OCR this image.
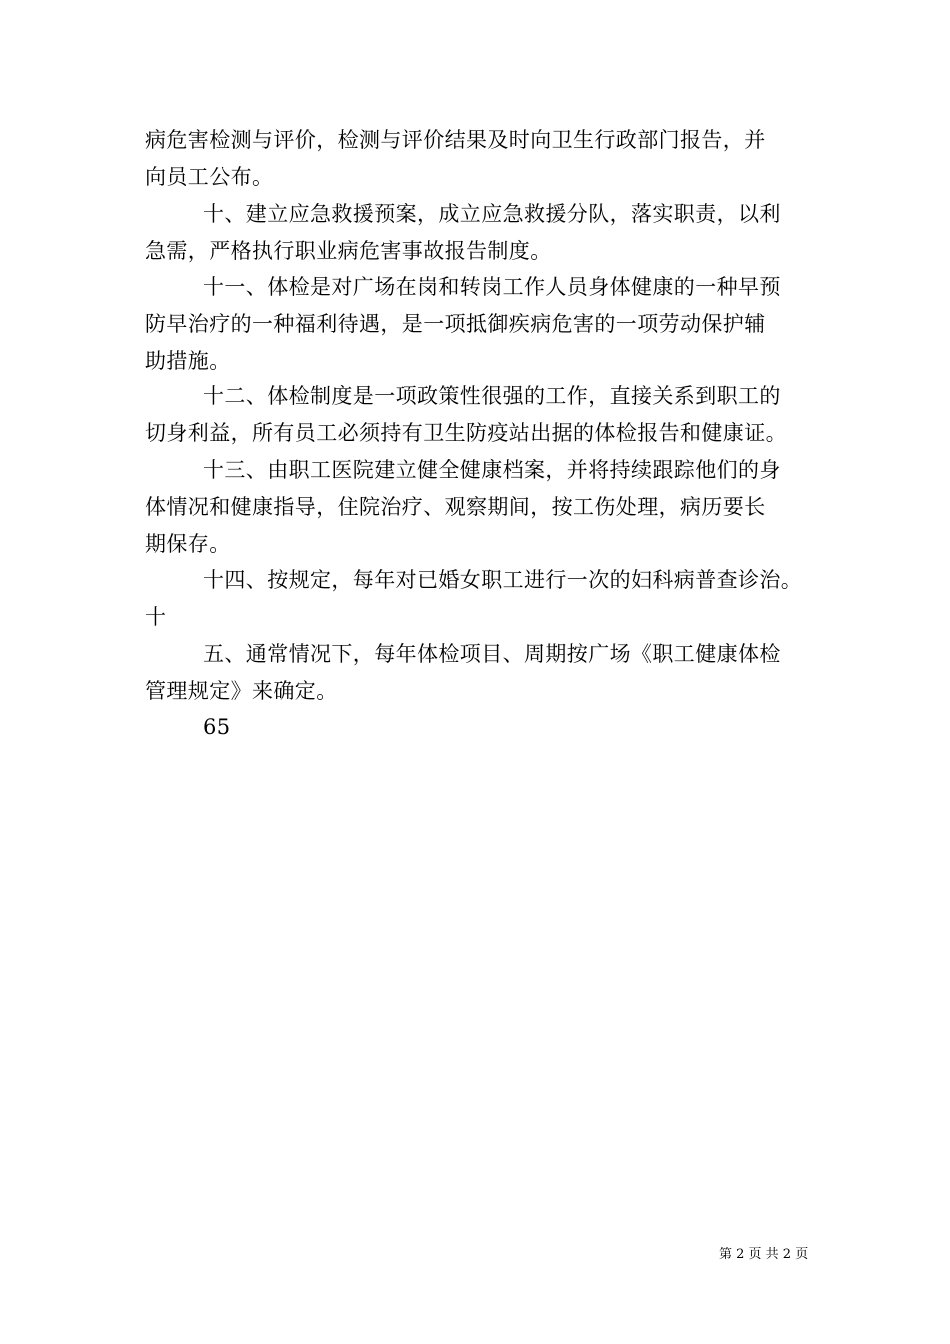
病危害检测与评价，检测与评价结果及时向卫生行政部门报告，并
向员工公布。
十、建立应急救援预案，成立应急救援分队，落实职责，以利
急需，严格执行职业病危害事故报告制度。
十一、体检是对广场在岗和转岗工作人员身体健康的一种早预
防早治疗的一种福利待遇，是一项抵御疾病危害的一项劳动保护辅
助措施。
十二、体检制度是一项政策性很强的工作，直接关系到职工的
切身利益，所有员工必须持有卫生防疫站出据的体检报告和健康证。
十三、由职工医院建立健全健康档案，并将持续跟踪他们的身
体情况和健康指导，住院治疗、观察期间，按工伤处理，病历要长
期保存。
十四、按规定，每年对已婚女职工进行一次的妇科病普查诊治。
十
五、通常情况下，每年体检项目、周期按广场《职工健康体检
管理规定》来确定。
65
第 2 页 共 2 页
